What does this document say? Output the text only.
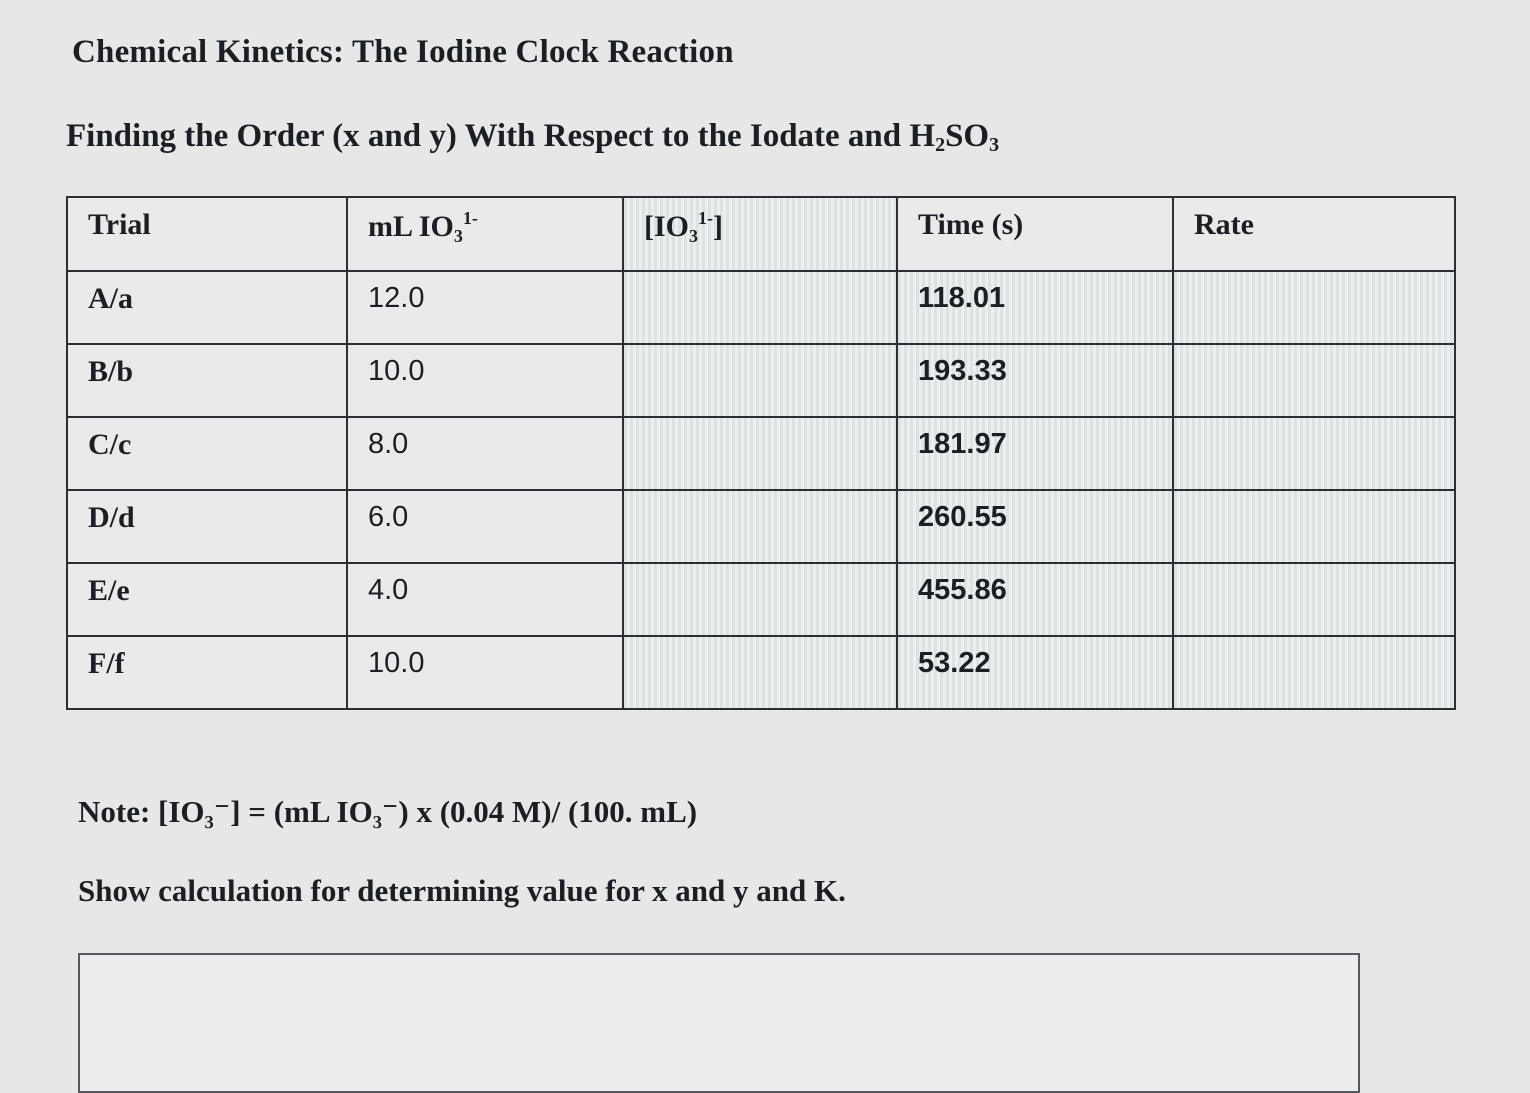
Chemical Kinetics: The Iodine Clock Reaction
Finding the Order (x and y) With Respect to the Iodate and $H_2SO_3$
Trial	mL $IO_3^{1-}$	$[IO_3^{1-}]$	Time (s)	Rate
A/a	12.0		118.01	
B/b	10.0		193.33	
C/c	8.0		181.97	
D/d	6.0		260.55	
E/e	4.0		455.86	
F/f	10.0		53.22	
Note: [IO₃⁻] = (mL IO₃⁻) x (0.04 M)/ (100. mL)
Show calculation for determining value for x and y and K.
